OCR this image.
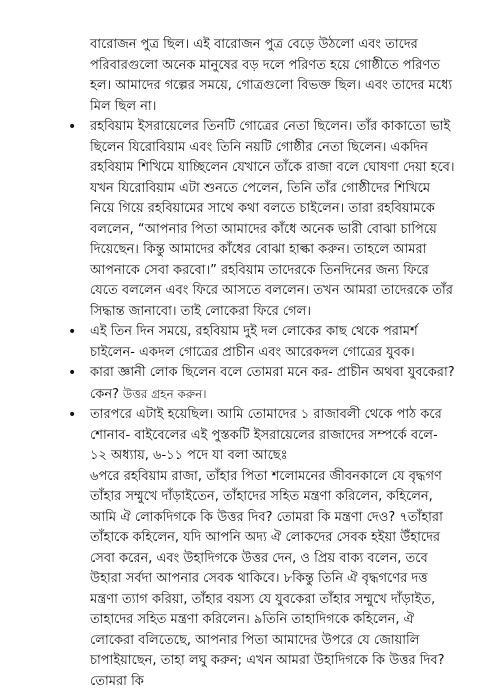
বারোজন পুত্র ছিল। এই বারোজন পুত্র বেড়ে উঠলো এবং তাদের পরিবারগুলো অনেক মানুষের বড় দলে পরিণত হয়ে গোষ্ঠীতে পরিণত হল। আমাদের গল্পের সময়ে, গোত্রগুলো বিভক্ত ছিল। এবং তাদের মধ্যে মিল ছিল না।

• রহবিয়াম ইসরায়েলের তিনটি গোত্রের নেতা ছিলেন। তাঁর কাকাতো ভাই ছিলেন যিরোবিয়াম এবং তিনি নয়টি গোষ্ঠীর নেতা ছিলেন। একদিন রহবিয়াম শিখিমে যাচ্ছিলেন যেখানে তাঁকে রাজা বলে ঘোষণা দেয়া হবে। যখন যিরোবিয়াম এটা শুনতে পেলেন, তিনি তাঁর গোষ্ঠীদের শিখিমে নিয়ে গিয়ে রহবিয়ামের সাথে কথা বলতে চাইলেন। তারা রহবিয়ামকে বললেন, “আপনার পিতা আমাদের কাঁধে অনেক ভারী বোঝা চাপিয়ে দিয়েছেন। কিন্তু আমাদের কাঁধের বোঝা হাল্কা করুন। তাহলে আমরা আপনাকে সেবা করবো।” রহবিয়াম তাদেরকে তিনদিনের জন্য ফিরে যেতে বললেন এবং ফিরে আসতে বললেন। তখন আমরা তাদেরকে তাঁর সিদ্ধান্ত জানাবো। তাই লোকেরা ফিরে গেল।
• এই তিন দিন সময়ে, রহবিয়াম দুই দল লোকের কাছ থেকে পরামর্শ চাইলেন- একদল গোত্রের প্রাচীন এবং আরেকদল গোত্রের যুবক।
• কারা জ্ঞানী লোক ছিলেন বলে তোমরা মনে কর- প্রাচীন অথবা যুবকেরা? কেন? উত্তর গ্রহন করুন।
• তারপরে এটাই হয়েছিল। আমি তোমাদের ১ রাজাবলী থেকে পাঠ করে শোনাব- বাইবেলের এই পুস্তকটি ইসরায়েলের রাজাদের সম্পর্কে বলে- ১২ অধ্যায়, ৬-১১ পদে যা বলা আছেঃ
৬পরে রহবিয়াম রাজা, তাঁহার পিতা শলোমনের জীবনকালে যে বৃদ্ধগণ তাঁহার সম্মুখে দাঁড়াইতেন, তাঁহাদের সহিত মন্ত্রণা করিলেন, কহিলেন, আমি ঐ লোকদিগকে কি উত্তর দিব? তোমরা কি মন্ত্রণা দেও? ৭তাঁহারা তাঁহাকে কহিলেন, যদি আপনি অদ্য ঐ লোকদের সেবক হইয়া উঁহাদের সেবা করেন, এবং উহাদিগকে উত্তর দেন, ও প্রিয় বাক্য বলেন, তবে উহারা সর্বদা আপনার সেবক থাকিবে। ৮কিন্তু তিনি ঐ বৃদ্ধগণের দত্ত মন্ত্রণা ত্যাগ করিয়া, তাঁহার বয়স্য যে যুবকেরা তাঁহার সম্মুখে দাঁড়াইত, তাহাদের সহিত মন্ত্রণা করিলেন। ৯তিনি তাহাদিগকে কহিলেন, ঐ লোকেরা বলিতেছে, আপনার পিতা আমাদের উপরে যে জোয়ালি চাপাইয়াছেন, তাহা লঘু করুন; এখন আমরা উহাদিগকে কি উত্তর দিব? তোমরা কি
